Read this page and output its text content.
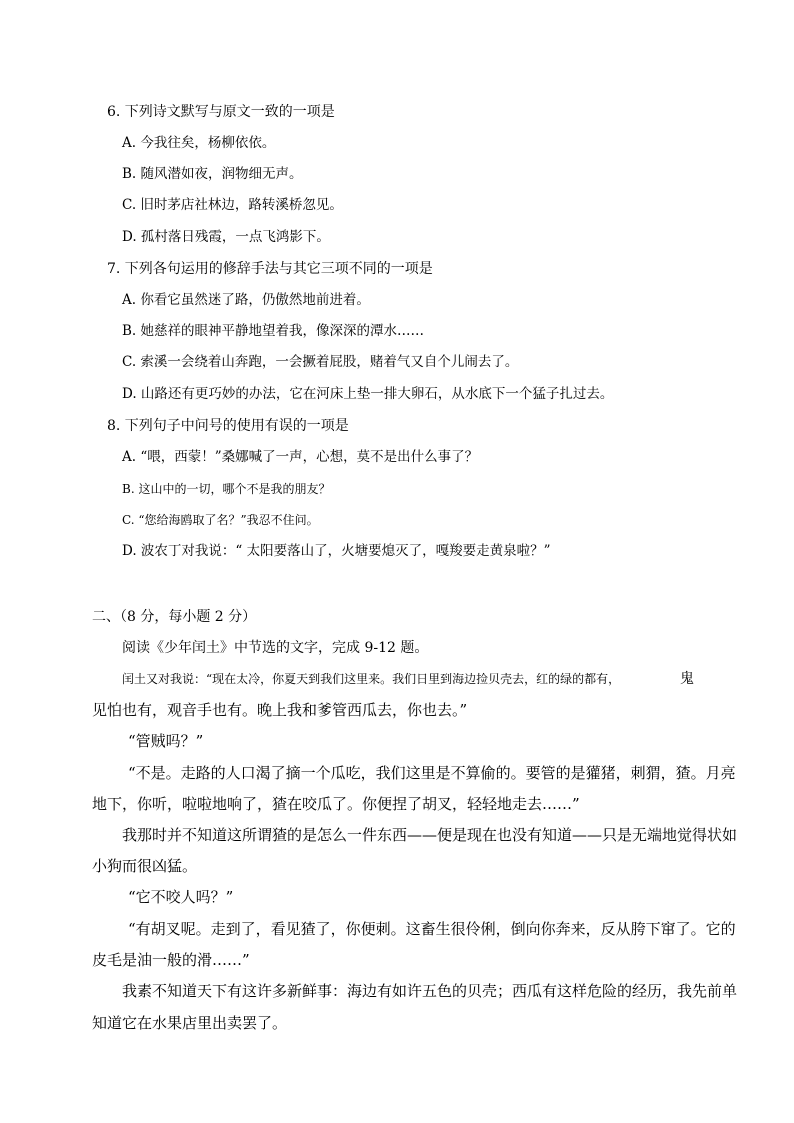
6. 下列诗文默写与原文一致的一项是
A. 今我往矣，杨柳依依。
B. 随风潜如夜，润物细无声。
C. 旧时茅店社林边，路转溪桥忽见。
D. 孤村落日残霞，一点飞鸿影下。
7. 下列各句运用的修辞手法与其它三项不同的一项是
A. 你看它虽然迷了路，仍傲然地前进着。
B. 她慈祥的眼神平静地望着我，像深深的潭水……
C. 索溪一会绕着山奔跑，一会撅着屁股，赌着气又自个儿闹去了。
D. 山路还有更巧妙的办法，它在河床上垫一排大卵石，从水底下一个猛子扎过去。
8. 下列句子中问号的使用有误的一项是
A. “喂，西蒙！”桑娜喊了一声，心想，莫不是出什么事了？
B. 这山中的一切，哪个不是我的朋友？
C. “您给海鸥取了名？”我忍不住问。
D. 波农丁对我说：“ 太阳要落山了，火塘要熄灭了，嘎羧要走黄泉啦？”
二、（8 分，每小题 2 分）
阅读《少年闰土》中节选的文字，完成 9-12 题。
闰土又对我说：“现在太冷，你夏天到我们这里来。我们日里到海边捡贝壳去，红的绿的都有，	鬼
见怕也有，观音手也有。晚上我和爹管西瓜去，你也去。”
“管贼吗？”
“不是。走路的人口渴了摘一个瓜吃，我们这里是不算偷的。要管的是獾猪，刺猬，猹。月亮
地下，你听，啦啦地响了，猹在咬瓜了。你便捏了胡叉，轻轻地走去……”
我那时并不知道这所谓猹的是怎么一件东西——便是现在也没有知道——只是无端地觉得状如
小狗而很凶猛。
“它不咬人吗？”
“有胡叉呢。走到了，看见猹了，你便刺。这畜生很伶俐，倒向你奔来，反从胯下窜了。它的
皮毛是油一般的滑……”
我素不知道天下有这许多新鲜事：海边有如许五色的贝壳；西瓜有这样危险的经历，我先前单
知道它在水果店里出卖罢了。
